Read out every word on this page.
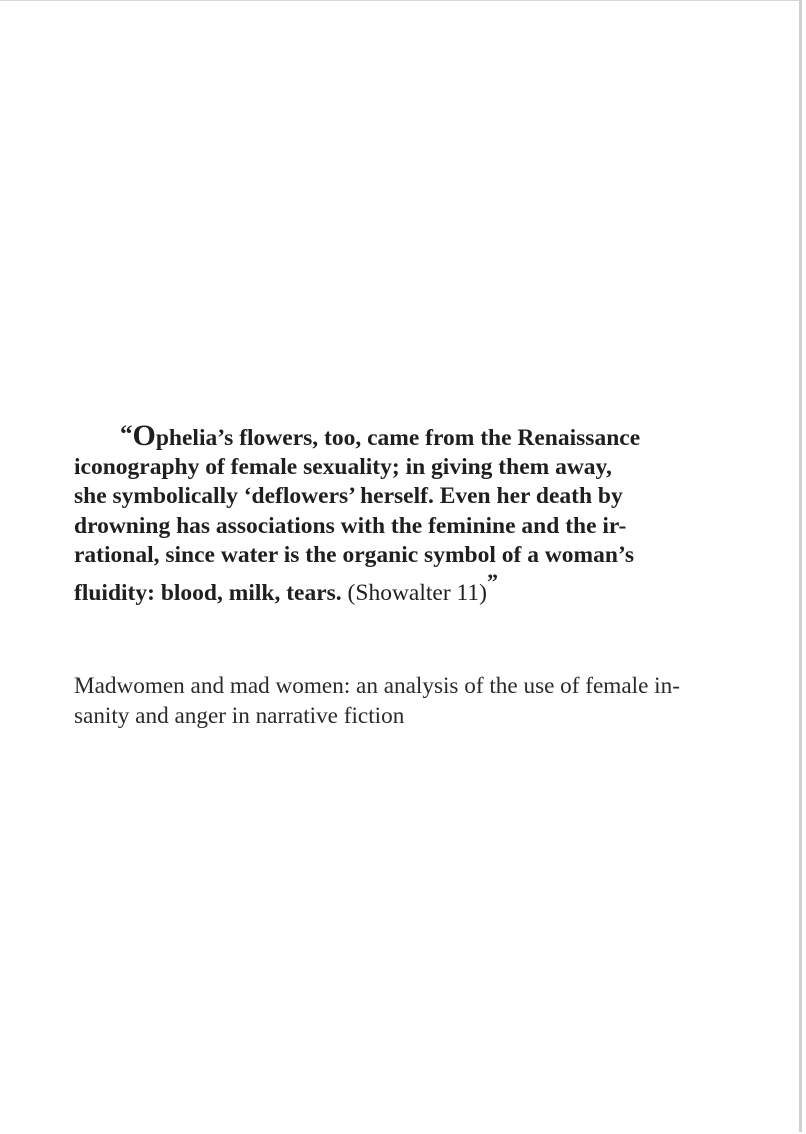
“Ophelia’s flowers, too, came from the Renaissance
iconography of female sexuality; in giving them away,
she symbolically ‘deflowers’ herself. Even her death by
drowning has associations with the feminine and the ir-
rational, since water is the organic symbol of a woman’s
fluidity: blood, milk, tears. (Showalter 11)”

Madwomen and mad women: an analysis of the use of female in-
sanity and anger in narrative fiction
